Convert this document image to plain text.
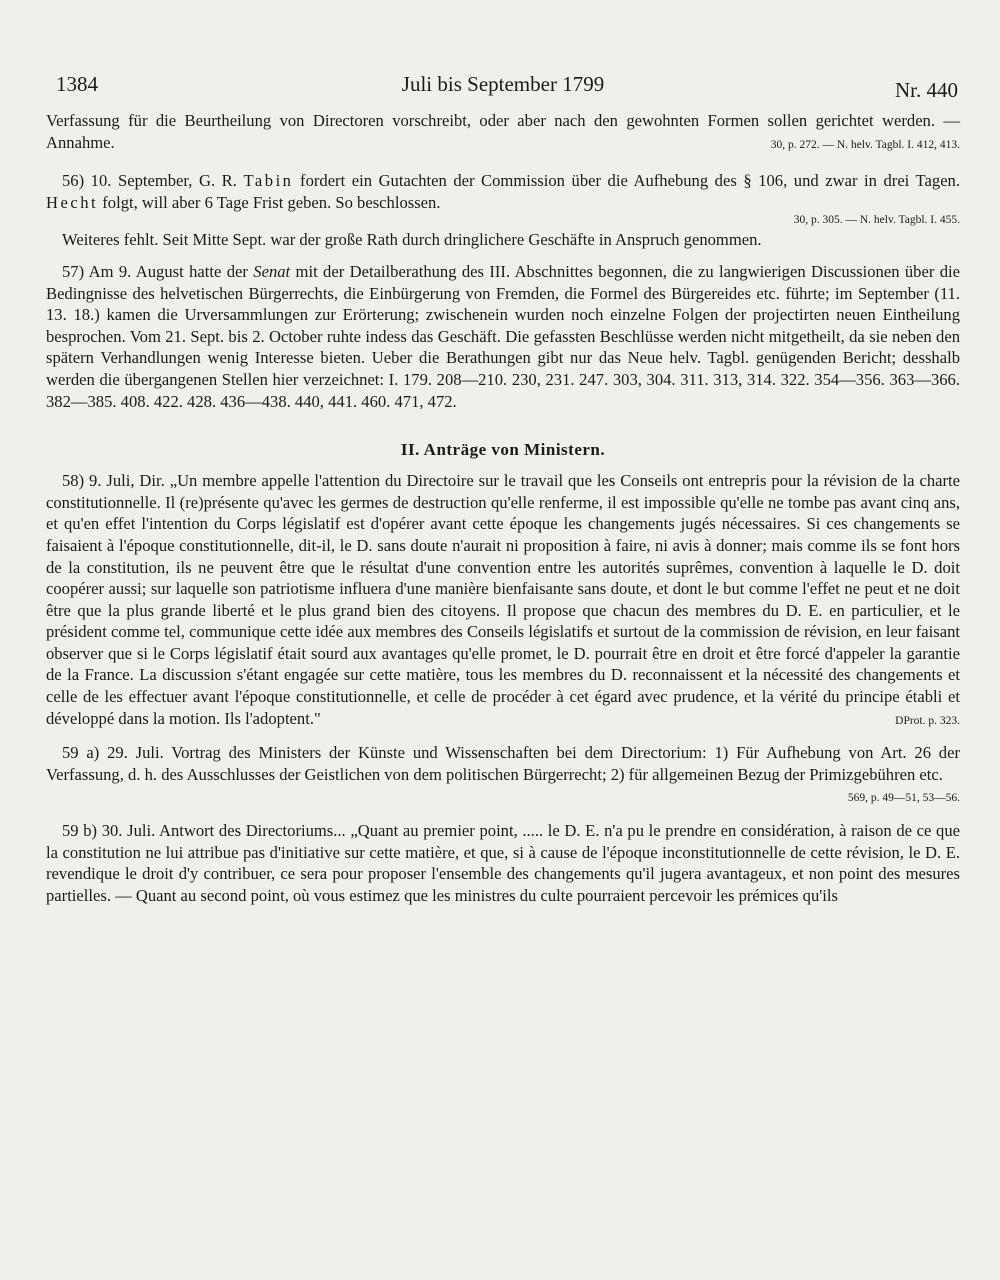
1384	Juli bis September 1799	Nr. 440

Verfassung für die Beurtheilung von Directoren vorschreibt, oder aber nach den gewohnten Formen sollen gerichtet werden. — Annahme.	30, p. 272. — N. helv. Tagbl. I. 412, 413.

56) 10. September, G. R. Tabin fordert ein Gutachten der Commission über die Aufhebung des § 106, und zwar in drei Tagen. Hecht folgt, will aber 6 Tage Frist geben. So beschlossen.

30, p. 305. — N. helv. Tagbl. I. 455.

Weiteres fehlt. Seit Mitte Sept. war der große Rath durch dringlichere Geschäfte in Anspruch genommen.

57) Am 9. August hatte der Senat mit der Detailberathung des III. Abschnittes begonnen, die zu langwierigen Discussionen über die Bedingnisse des helvetischen Bürgerrechts, die Einbürgerung von Fremden, die Formel des Bürgereides etc. führte; im September (11. 13. 18.) kamen die Urversammlungen zur Erörterung; zwischenein wurden noch einzelne Folgen der projectirten neuen Eintheilung besprochen. Vom 21. Sept. bis 2. October ruhte indess das Geschäft. Die gefassten Beschlüsse werden nicht mitgetheilt, da sie neben den spätern Verhandlungen wenig Interesse bieten. Ueber die Berathungen gibt nur das Neue helv. Tagbl. genügenden Bericht; desshalb werden die übergangenen Stellen hier verzeichnet: I. 179. 208—210. 230, 231. 247. 303, 304. 311. 313, 314. 322. 354—356. 363—366. 382—385. 408. 422. 428. 436—438. 440, 441. 460. 471, 472.

II. Anträge von Ministern.

58) 9. Juli, Dir. „Un membre appelle l'attention du Directoire sur le travail que les Conseils ont entrepris pour la révision de la charte constitutionnelle. Il (re)présente qu'avec les germes de destruction qu'elle renferme, il est impossible qu'elle ne tombe pas avant cinq ans, et qu'en effet l'intention du Corps législatif est d'opérer avant cette époque les changements jugés nécessaires. Si ces changements se faisaient à l'époque constitutionnelle, dit-il, le D. sans doute n'aurait ni proposition à faire, ni avis à donner; mais comme ils se font hors de la constitution, ils ne peuvent être que le résultat d'une convention entre les autorités suprêmes, convention à laquelle le D. doit coopérer aussi; sur laquelle son patriotisme influera d'une manière bienfaisante sans doute, et dont le but comme l'effet ne peut et ne doit être que la plus grande liberté et le plus grand bien des citoyens. Il propose que chacun des membres du D. E. en particulier, et le président comme tel, communique cette idée aux membres des Conseils législatifs et surtout de la commission de révision, en leur faisant observer que si le Corps législatif était sourd aux avantages qu'elle promet, le D. pourrait être en droit et être forcé d'appeler la garantie de la France. La discussion s'étant engagée sur cette matière, tous les membres du D. reconnaissent et la nécessité des changements et celle de les effectuer avant l'époque constitutionnelle, et celle de procéder à cet égard avec prudence, et la vérité du principe établi et développé dans la motion. Ils l'adoptent."	DProt. p. 323.

59 a) 29. Juli. Vortrag des Ministers der Künste und Wissenschaften bei dem Directorium: 1) Für Aufhebung von Art. 26 der Verfassung, d. h. des Ausschlusses der Geistlichen von dem politischen Bürgerrecht; 2) für allgemeinen Bezug der Primizgebühren etc.
569, p. 49—51, 53—56.

59 b) 30. Juli. Antwort des Directoriums... „Quant au premier point, ..... le D. E. n'a pu le prendre en considération, à raison de ce que la constitution ne lui attribue pas d'initiative sur cette matière, et que, si à cause de l'époque inconstitutionnelle de cette révision, le D. E. revendique le droit d'y contribuer, ce sera pour proposer l'ensemble des changements qu'il jugera avantageux, et non point des mesures partielles. — Quant au second point, où vous estimez que les ministres du culte pourraient percevoir les prémices qu'ils
